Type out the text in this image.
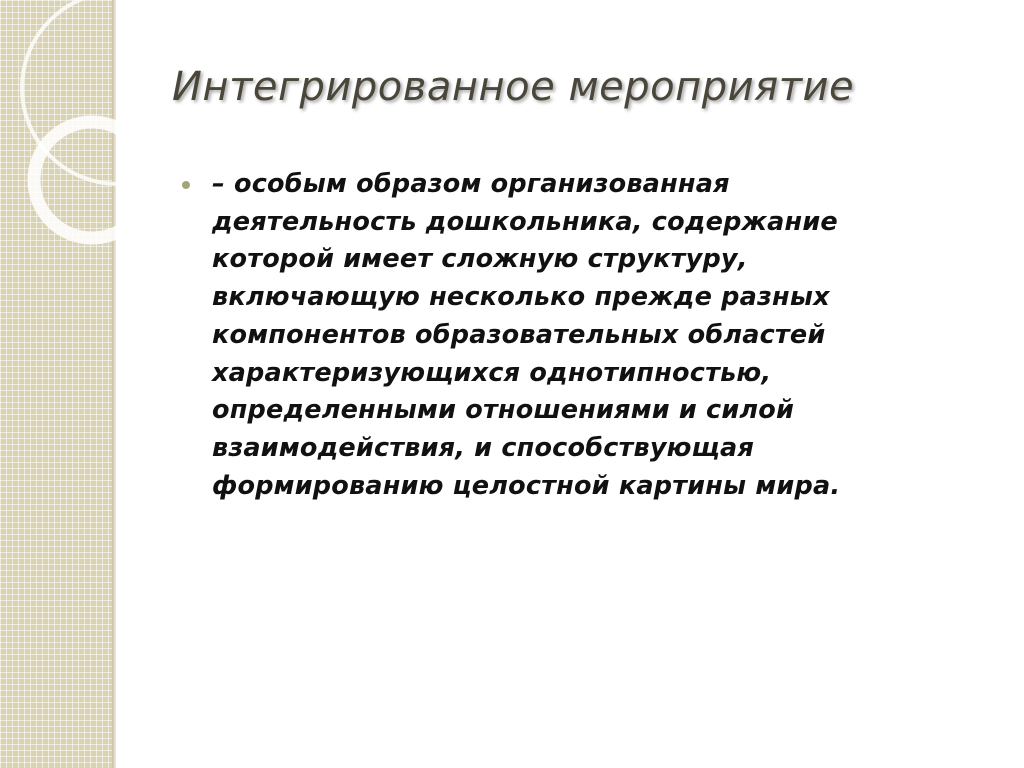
Интегрированное мероприятие
– особым образом организованная
деятельность дошкольника, содержание
которой имеет сложную структуру,
включающую несколько прежде разных
компонентов образовательных областей
характеризующихся однотипностью,
определенными отношениями и силой
взаимодействия, и способствующая
формированию целостной картины мира.
